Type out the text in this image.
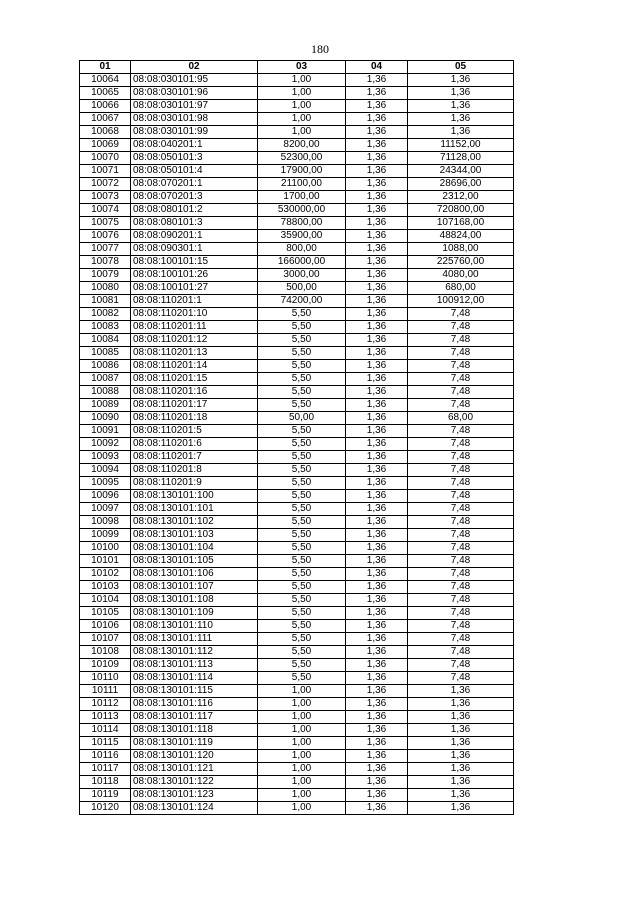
180
01	02	03	04	05
10064	08:08:030101:95	1,00	1,36	1,36
10065	08:08:030101:96	1,00	1,36	1,36
10066	08:08:030101:97	1,00	1,36	1,36
10067	08:08:030101:98	1,00	1,36	1,36
10068	08:08:030101:99	1,00	1,36	1,36
10069	08:08:040201:1	8200,00	1,36	11152,00
10070	08:08:050101:3	52300,00	1,36	71128,00
10071	08:08:050101:4	17900,00	1,36	24344,00
10072	08:08:070201:1	21100,00	1,36	28696,00
10073	08:08:070201:3	1700,00	1,36	2312,00
10074	08:08:080101:2	530000,00	1,36	720800,00
10075	08:08:080101:3	78800,00	1,36	107168,00
10076	08:08:090201:1	35900,00	1,36	48824,00
10077	08:08:090301:1	800,00	1,36	1088,00
10078	08:08:100101:15	166000,00	1,36	225760,00
10079	08:08:100101:26	3000,00	1,36	4080,00
10080	08:08:100101:27	500,00	1,36	680,00
10081	08:08:110201:1	74200,00	1,36	100912,00
10082	08:08:110201:10	5,50	1,36	7,48
10083	08:08:110201:11	5,50	1,36	7,48
10084	08:08:110201:12	5,50	1,36	7,48
10085	08:08:110201:13	5,50	1,36	7,48
10086	08:08:110201:14	5,50	1,36	7,48
10087	08:08:110201:15	5,50	1,36	7,48
10088	08:08:110201:16	5,50	1,36	7,48
10089	08:08:110201:17	5,50	1,36	7,48
10090	08:08:110201:18	50,00	1,36	68,00
10091	08:08:110201:5	5,50	1,36	7,48
10092	08:08:110201:6	5,50	1,36	7,48
10093	08:08:110201:7	5,50	1,36	7,48
10094	08:08:110201:8	5,50	1,36	7,48
10095	08:08:110201:9	5,50	1,36	7,48
10096	08:08:130101:100	5,50	1,36	7,48
10097	08:08:130101:101	5,50	1,36	7,48
10098	08:08:130101:102	5,50	1,36	7,48
10099	08:08:130101:103	5,50	1,36	7,48
10100	08:08:130101:104	5,50	1,36	7,48
10101	08:08:130101:105	5,50	1,36	7,48
10102	08:08:130101:106	5,50	1,36	7,48
10103	08:08:130101:107	5,50	1,36	7,48
10104	08:08:130101:108	5,50	1,36	7,48
10105	08:08:130101:109	5,50	1,36	7,48
10106	08:08:130101:110	5,50	1,36	7,48
10107	08:08:130101:111	5,50	1,36	7,48
10108	08:08:130101:112	5,50	1,36	7,48
10109	08:08:130101:113	5,50	1,36	7,48
10110	08:08:130101:114	5,50	1,36	7,48
10111	08:08:130101:115	1,00	1,36	1,36
10112	08:08:130101:116	1,00	1,36	1,36
10113	08:08:130101:117	1,00	1,36	1,36
10114	08:08:130101:118	1,00	1,36	1,36
10115	08:08:130101:119	1,00	1,36	1,36
10116	08:08:130101:120	1,00	1,36	1,36
10117	08:08:130101:121	1,00	1,36	1,36
10118	08:08:130101:122	1,00	1,36	1,36
10119	08:08:130101:123	1,00	1,36	1,36
10120	08:08:130101:124	1,00	1,36	1,36
